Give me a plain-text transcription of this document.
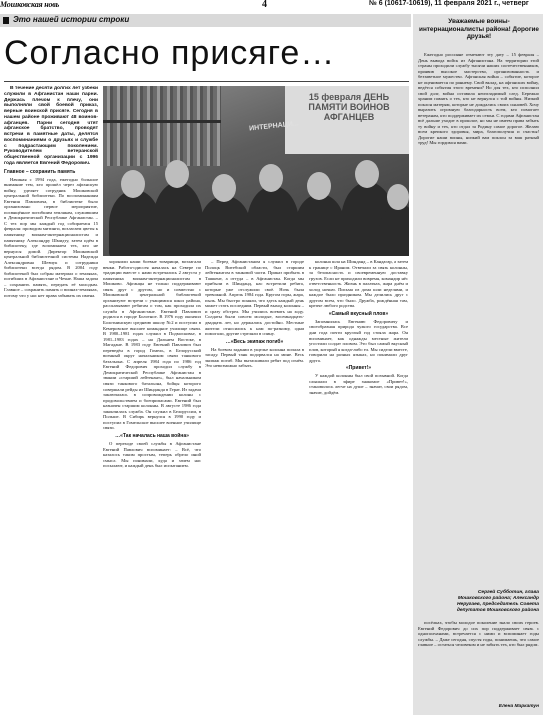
Мошковская новь	4	№ 6 (10617-10619), 11 февраля 2021 г., четверг
Это нашей истории строки
Согласно присяге…

В течение десяти долгих лет узбеки служили в Афганистан наши парни. Держась плечом к плечу, они выполняли свой боевой приказ, верные воинской присяге. Сегодня в нашем районе проживают 48 воинов-афганцев. Парни сегодня чтят афганское братство, проводят встречи в памятные даты, делятся воспоминаниями о друзьях и службе с подрастающим поколением. Руководителем ветеранской общественной организации с 1996 года является Евгений Федорович.

Главное – сохранить память

Начиная с 1994 года, ежегодно большое внимание тем, кто прошёл через афганскую войну, уделяет сотрудник Мошковской центральной библиотеки. По воспоминаниям Евгения Павловича, в библиотеке было организовано первое мероприятие, посвящённое погибшим землякам, служившим в Демократической Республике Афганистан. – С тех пор мы каждый год собираемся 15 февраля: проводим митинги, возлагаем цветы к памятнику воинам-интернационалистам и памятнику Александру Шмидту, затем идём в библиотеку, где вспоминаем тех, кто не вернулся домой. Директор Мошковской центральной библиотечной системы Надежда Александровна Шевчук и сотрудники библиотеки всегда рядом. В 2004 году библиотекой был собран материал о земляках, погибших в Афганистане и Чечне. Наша задача – сохранить память, передать её молодым. Главное – сохранить память о воинах-земляках, потому что у нас нет права забывать их имена.

15 февраля ДЕНЬ ПАМЯТИ ВОИНОВ АФГАНЦЕВ
ИНТЕРНАЦИ...

хоронили наши боевые товарищи, возлагали венки. Работа-одиссея началась на Севере по традиции вместе с нами встречались 2 августа у памятника воинам-интернационалистам в Мошково. Афганцы не только поддерживают связь друг с другом, но и совместно с Мошковской центральной библиотекой организуют встречи с учащимися школ района, рассказывают ребятам о том, как проходила их служба в Афганистане. Евгений Павлович родился в городе Болотное. В 1976 году окончил Болотнинскую среднюю школу №2 и поступил в Кемеровское высшее командное училище связи. В 1980–1981 годах служил в Подмосковье, в 1981–1983 годах – на Дальнем Востоке, в Магадане. В 1983 году Евгений Павлович был переведён в город Гомель, в Белорусский военный округ начальником связи танкового батальона. С апреля 1984 года по 1986 год Евгений Федорович проходил службу в Демократической Республике Афганистан в звании «старший лейтенант», был начальником связи танкового батальона, бойцы которого совершали рейды из Шинданда в Герат. Из задачи заключалась в сопровождении колонн с продовольствием и боеприпасами. Евгений был назначен старшим колонны. В августе 1986 года закончилась служба. Он служил в Белоруссии, в Польше. В Сибирь вернулся в 1990 году и поступил в Гомельское высшее военное училище связи.

…«Так началась наша война»

О переходе своей службы в Афганистане Евгений Павлович вспоминает: – Всё, что казалось таким простым, теперь обрело иной смысл. Мы понимали, куда и зачем нас посылают, и каждый день был испытанием.

– Перед Афганистаном я служил в городе Полоцк Витебской области, был старшим лейтенантом в танковой части. Приказ прибыть в Ташкент, а оттуда – в Афганистан. Когда мы прибыли в Шинданд, нас встретили ребята, которые уже отслужили своё. Ночь была тревожной. Апрель 1984 года. Кругом горы, жара, пыль. Мы быстро поняли, что здесь каждый день может стать последним. Первый выход колонны – и сразу обстрел. Мы учились воевать на ходу. Солдаты были совсем молодые, восемнадцать-двадцать лет, но держались достойно. Местные жители относились к нам по-разному, одни помогали, другие стреляли в спину.

…«Весь экипаж погиб»

На боевом задании в ущелье колонна попала в засаду. Первый танк подорвался на мине. Весь экипаж погиб. Мы вытаскивали ребят под огнём. Это невозможно забыть.

колонна шла на Шинданд – в Кандагар, а затем к границе с Ираном. Отвечали за связь колонны, за безопасность и своевременную доставку грузов. Если не приходили вовремя, командир нёс ответственность. Жизнь в палатках, жара днём и холод ночью. Письма из дома шли неделями, и каждое было праздником. Мы делились друг с другом всем, что было. Дружба, рождённая там, крепче любого родства.

«Самый вкусный плов»

Запомнилась Евгению Федоровичу и своеобразная природа чужого государства. Все дни года почти круглый год стояла жара. Он вспоминает, как однажды местные жители угостили солдат пловом. Это был самый вкусный плов, который я когда-либо ел. Мы сидели вместе, говорили на разных языках, но понимали друг друга.

«Привет!»

У каждой колонны был свой позывной. Когда слышали в эфире знакомое «Привет!», становилось легче на душе – значит, свои рядом, значит, дойдём.

Уважаемые воины-интернационалисты района! Дорогие друзья!

Ежегодно россияне отмечают эту дату – 15 февраля – День вывода войск из Афганистана. На территории этой страны проходили службу тысячи наших соотечественников, проявив высокое мастерство, организованность и беззаветное мужество. Афганская война – событие, которое не оценивается по раннему. Свой вклад, на афганских войну, ведётся события этого времени? Но для тех, кто исполнил свой долг, война оставила неизгладимый след. Бережно храним память о тех, кто не вернулся с той войны. Низкий поклон матерям, которые не дождались своих сыновей. Хочу выразить огромную благодарность всем, кто помогает ветеранам, кто поддерживает их семьи. С годами Афганистан всё дальше уходит в прошлое, но мы не имеем права забыть ту войну и тех, кто отдал за Родину самое дорогое. Желаю всем крепкого здоровья, мира, благополучия и счастья! Дорогие наши воины, низкий вам поклон за ваш ратный труд! Мы гордимся вами.

Сергей Субботин, глава Мошковского района; Александр Неругаев, председатель Совета депутатов Мошковского района

посёлках, чтобы молодое поколение знало своих героев. Евгений Федорович до сих пор поддерживает связь с однополчанами, встречается с ними и вспоминает годы службы. – Даже сегодня, спустя годы, понимаешь, что самое главное – остаться человеком и не забыть тех, кто был рядом.

Елена Маркатун
